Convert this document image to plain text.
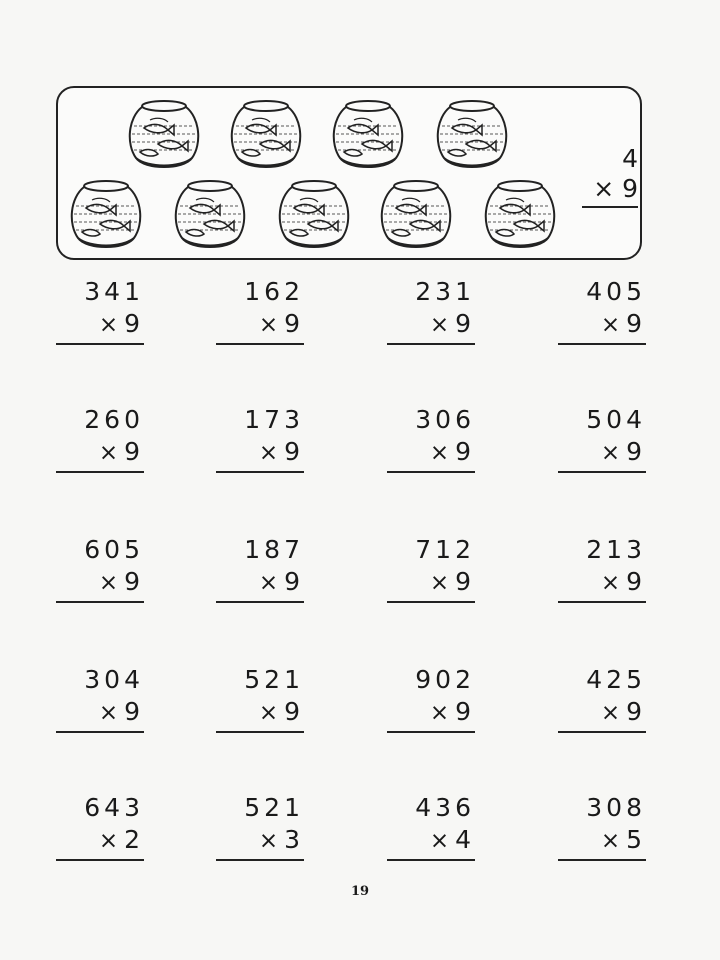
4
× 9
341
× 9
162
× 9
231
× 9
405
× 9
260
× 9
173
× 9
306
× 9
504
× 9
605
× 9
187
× 9
712
× 9
213
× 9
304
× 9
521
× 9
902
× 9
425
× 9
643
× 2
521
× 3
436
× 4
308
× 5
19
